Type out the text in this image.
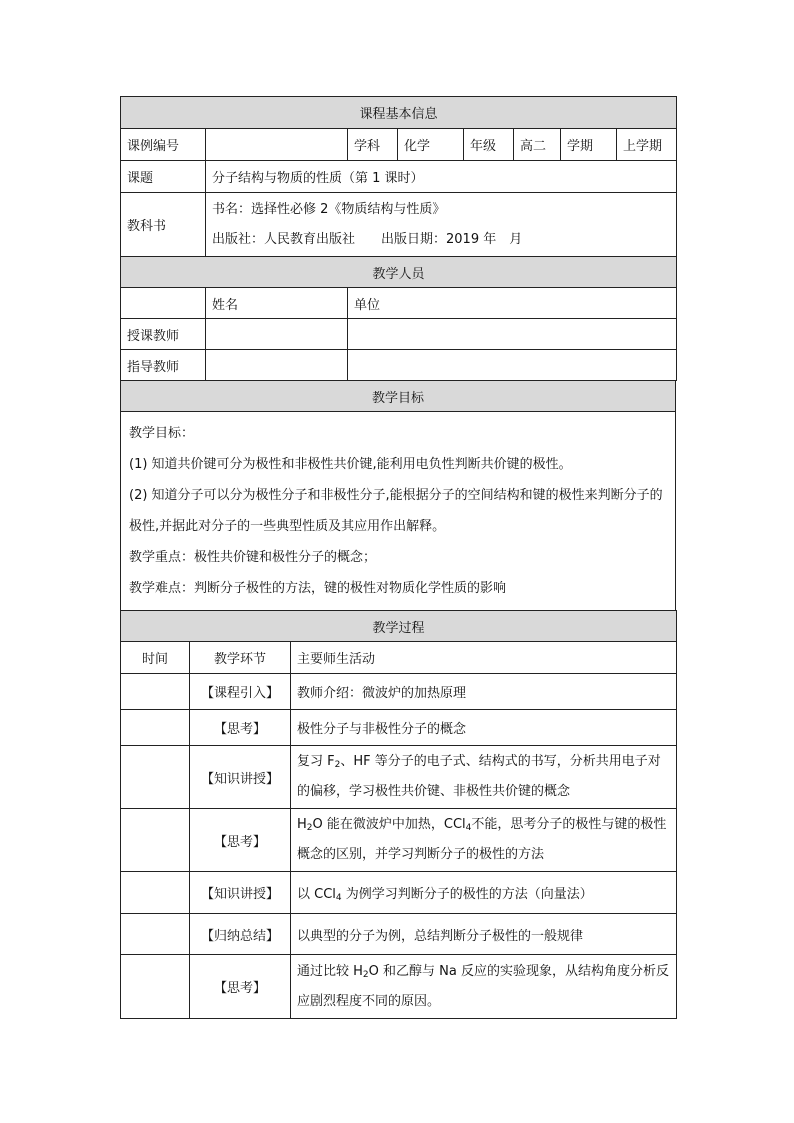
课程基本信息							
课例编号		学科	化学	年级	高二	学期	上学期
课题	分子结构与物质的性质（第 1 课时）						
教科书	书名：选择性必修 2《物质结构与性质》
出版社：人民教育出版社　　出版日期：2019 年　月						
教学人员		
	姓名	单位
授课教师		
指导教师		
教学目标

教学目标：

(1) 知道共价键可分为极性和非极性共价键,能利用电负性判断共价键的极性。

(2) 知道分子可以分为极性分子和非极性分子,能根据分子的空间结构和键的极性来判断分子的极性,并据此对分子的一些典型性质及其应用作出解释。

教学重点：极性共价键和极性分子的概念；

教学难点：判断分子极性的方法，键的极性对物质化学性质的影响

教学过程		
时间	教学环节	主要师生活动
	【课程引入】	教师介绍：微波炉的加热原理
	【思考】	极性分子与非极性分子的概念
	【知识讲授】	复习 $F_2$、HF 等分子的电子式、结构式的书写，分析共用电子对的偏移，学习极性共价键、非极性共价键的概念
	【思考】	$H_2O$ 能在微波炉中加热，CCl$_4$不能，思考分子的极性与键的极性概念的区别，并学习判断分子的极性的方法
	【知识讲授】	以 CCl$_4$ 为例学习判断分子的极性的方法（向量法）
	【归纳总结】	以典型的分子为例，总结判断分子极性的一般规律
	【思考】	通过比较 $H_2O$ 和乙醇与 Na 反应的实验现象，从结构角度分析反应剧烈程度不同的原因。
